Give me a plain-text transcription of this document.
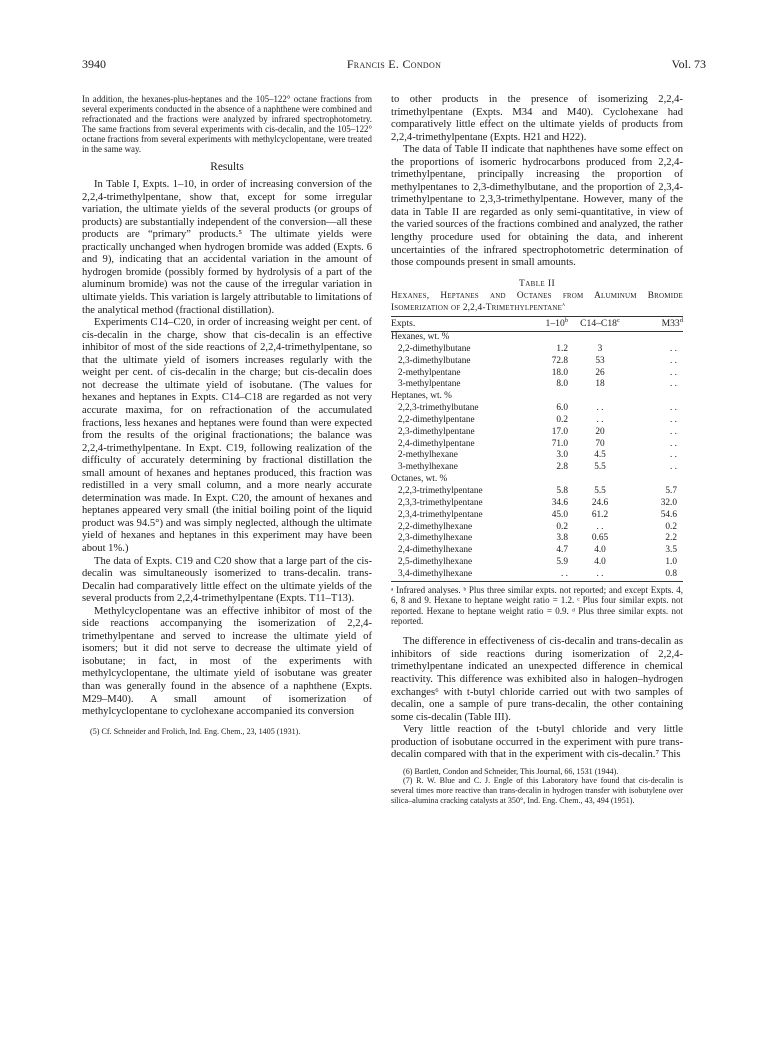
3940	Francis E. Condon	Vol. 73

In addition, the hexanes-plus-heptanes and the 105–122° octane fractions from several experiments conducted in the absence of a naphthene were combined and refractionated and the fractions were analyzed by infrared spectrophotometry. The same fractions from several experiments with cis-decalin, and the 105–122° octane fractions from several experiments with methylcyclopentane, were treated in the same way.

Results

In Table I, Expts. 1–10, in order of increasing conversion of the 2,2,4-trimethylpentane, show that, except for some irregular variation, the ultimate yields of the several products (or groups of products) are substantially independent of the conversion—all these products are “primary” products.⁵ The ultimate yields were practically unchanged when hydrogen bromide was added (Expts. 6 and 9), indicating that an accidental variation in the amount of hydrogen bromide (possibly formed by hydrolysis of a part of the aluminum bromide) was not the cause of the irregular variation in ultimate yields. This variation is largely attributable to limitations of the analytical method (fractional distillation).

Experiments C14–C20, in order of increasing weight per cent. of cis-decalin in the charge, show that cis-decalin is an effective inhibitor of most of the side reactions of 2,2,4-trimethylpentane, so that the ultimate yield of isomers increases regularly with the weight per cent. of cis-decalin in the charge; but cis-decalin does not decrease the ultimate yield of isobutane. (The values for hexanes and heptanes in Expts. C14–C18 are regarded as not very accurate maxima, for on refractionation of the accumulated fractions, less hexanes and heptanes were found than were expected from the results of the original fractionations; the balance was 2,2,4-trimethylpentane. In Expt. C19, following realization of the difficulty of accurately determining by fractional distillation the small amount of hexanes and heptanes produced, this fraction was redistilled in a very small column, and a more nearly accurate determination was made. In Expt. C20, the amount of hexanes and heptanes appeared very small (the initial boiling point of the liquid product was 94.5°) and was simply neglected, although the ultimate yield of hexanes and heptanes in this experiment may have been about 1%.)

The data of Expts. C19 and C20 show that a large part of the cis-decalin was simultaneously isomerized to trans-decalin. trans-Decalin had comparatively little effect on the ultimate yields of the several products from 2,2,4-trimethylpentane (Expts. T11–T13).

Methylcyclopentane was an effective inhibitor of most of the side reactions accompanying the isomerization of 2,2,4-trimethylpentane and served to increase the ultimate yield of isomers; but it did not serve to decrease the ultimate yield of isobutane; in fact, in most of the experiments with methylcyclopentane, the ultimate yield of isobutane was greater than was generally found in the absence of a naphthene (Expts. M29–M40). A small amount of isomerization of methylcyclopentane to cyclohexane accompanied its conversion

(5) Cf. Schneider and Frolich, Ind. Eng. Chem., 23, 1405 (1931).

to other products in the presence of isomerizing 2,2,4-trimethylpentane (Expts. M34 and M40). Cyclohexane had comparatively little effect on the ultimate yields of products from 2,2,4-trimethylpentane (Expts. H21 and H22).

The data of Table II indicate that naphthenes have some effect on the proportions of isomeric hydrocarbons produced from 2,2,4-trimethylpentane, principally increasing the proportion of methylpentanes to 2,3-dimethylbutane, and the proportion of 2,3,4-trimethylpentane to 2,3,3-trimethylpentane. However, many of the data in Table II are regarded as only semi-quantitative, in view of the varied sources of the fractions combined and analyzed, the rather lengthy procedure used for obtaining the data, and inherent uncertainties of the infrared spectrophotometric determination of those compounds present in small amounts.

Table II
Hexanes, Heptanes and Octanes from Aluminum Bromide Isomerization of 2,2,4-Trimethylpentane$^a$
Expts.	1–10$^b$	C14–C18$^c$	M33$^d$
Hexanes, wt. %			
2,2-dimethylbutane	1.2	3	. .
2,3-dimethylbutane	72.8	53	. .
2-methylpentane	18.0	26	. .
3-methylpentane	8.0	18	. .
Heptanes, wt. %			
2,2,3-trimethylbutane	6.0	. .	. .
2,2-dimethylpentane	0.2	. .	. .
2,3-dimethylpentane	17.0	20	. .
2,4-dimethylpentane	71.0	70	. .
2-methylhexane	3.0	4.5	. .
3-methylhexane	2.8	5.5	. .
Octanes, wt. %			
2,2,3-trimethylpentane	5.8	5.5	5.7
2,3,3-trimethylpentane	34.6	24.6	32.0
2,3,4-trimethylpentane	45.0	61.2	54.6
2,2-dimethylhexane	0.2	. .	0.2
2,3-dimethylhexane	3.8	0.65	2.2
2,4-dimethylhexane	4.7	4.0	3.5
2,5-dimethylhexane	5.9	4.0	1.0
3,4-dimethylhexane	. .	. .	0.8

ᵃ Infrared analyses. ᵇ Plus three similar expts. not reported; and except Expts. 4, 6, 8 and 9. Hexane to heptane weight ratio = 1.2. ᶜ Plus four similar expts. not reported. Hexane to heptane weight ratio = 0.9. ᵈ Plus three similar expts. not reported.

The difference in effectiveness of cis-decalin and trans-decalin as inhibitors of side reactions during isomerization of 2,2,4-trimethylpentane indicated an unexpected difference in chemical reactivity. This difference was exhibited also in halogen–hydrogen exchanges⁶ with t-butyl chloride carried out with two samples of decalin, one a sample of pure trans-decalin, the other containing some cis-decalin (Table III).

Very little reaction of the t-butyl chloride and very little production of isobutane occurred in the experiment with pure trans-decalin compared with that in the experiment with cis-decalin.⁷ This

(6) Bartlett, Condon and Schneider, This Journal, 66, 1531 (1944).

(7) R. W. Blue and C. J. Engle of this Laboratory have found that cis-decalin is several times more reactive than trans-decalin in hydrogen transfer with isobutylene over silica–alumina cracking catalysts at 350°, Ind. Eng. Chem., 43, 494 (1951).
